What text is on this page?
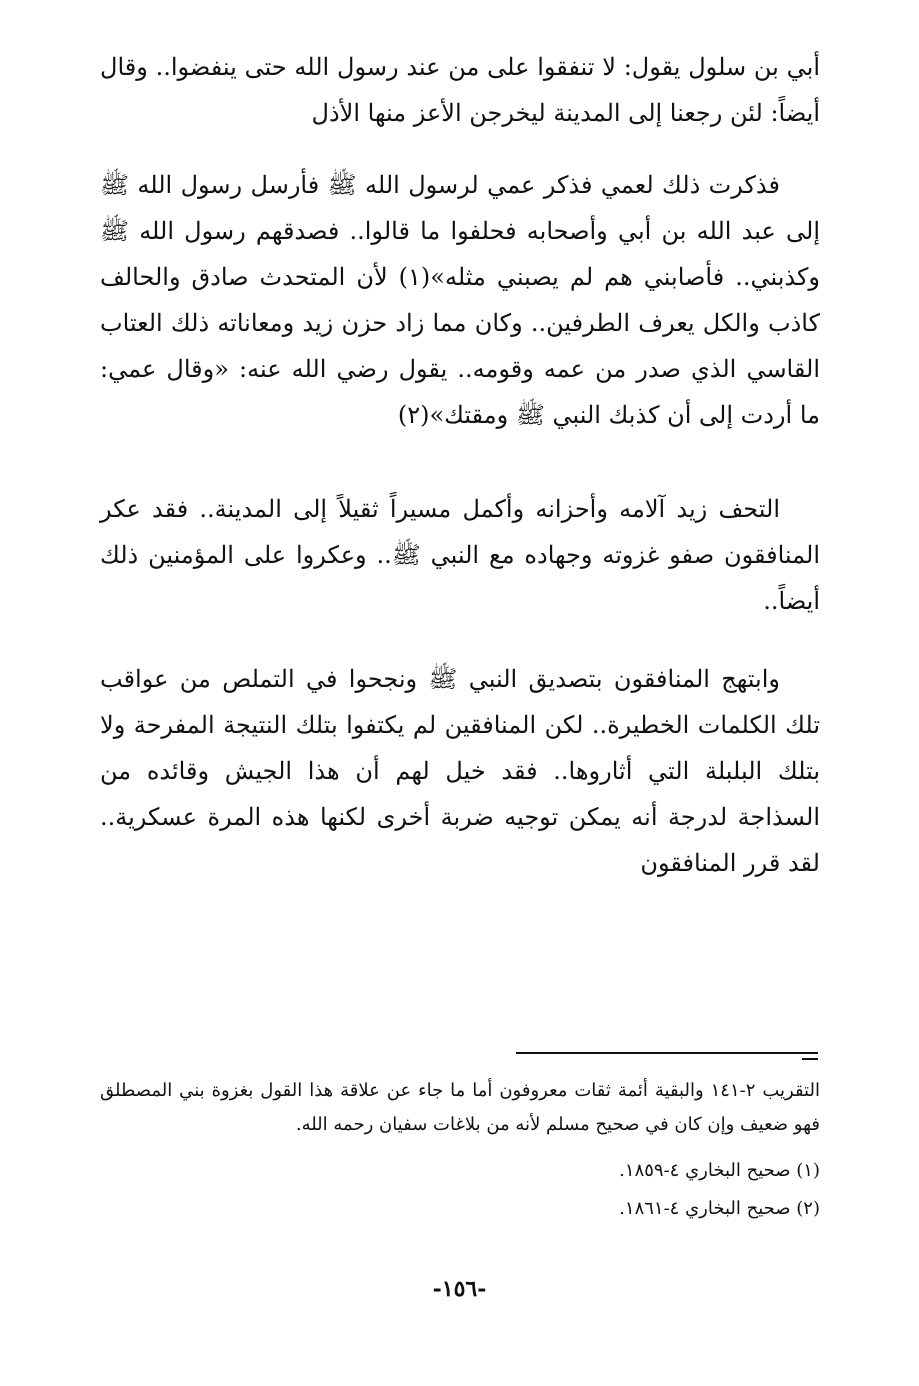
أبي بن سلول يقول: لا تنفقوا على من عند رسول الله حتى ينفضوا.. وقال أيضاً: لئن رجعنا إلى المدينة ليخرجن الأعز منها الأذل

فذكرت ذلك لعمي فذكر عمي لرسول الله ﷺ فأرسل رسول الله ﷺ إلى عبد الله بن أبي وأصحابه فحلفوا ما قالوا.. فصدقهم رسول الله ﷺ وكذبني.. فأصابني هم لم يصبني مثله»(١) لأن المتحدث صادق والحالف كاذب والكل يعرف الطرفين.. وكان مما زاد حزن زيد ومعاناته ذلك العتاب القاسي الذي صدر من عمه وقومه.. يقول رضي الله عنه: «وقال عمي: ما أردت إلى أن كذبك النبي ﷺ ومقتك»(٢)

التحف زيد آلامه وأحزانه وأكمل مسيراً ثقيلاً إلى المدينة.. فقد عكر المنافقون صفو غزوته وجهاده مع النبي ﷺ.. وعكروا على المؤمنين ذلك أيضاً..

وابتهج المنافقون بتصديق النبي ﷺ ونجحوا في التملص من عواقب تلك الكلمات الخطيرة.. لكن المنافقين لم يكتفوا بتلك النتيجة المفرحة ولا بتلك البلبلة التي أثاروها.. فقد خيل لهم أن هذا الجيش وقائده من السذاجة لدرجة أنه يمكن توجيه ضربة أخرى لكنها هذه المرة عسكرية.. لقد قرر المنافقون

التقريب ٢-١٤١ والبقية أئمة ثقات معروفون أما ما جاء عن علاقة هذا القول بغزوة بني المصطلق فهو ضعيف وإن كان في صحيح مسلم لأنه من بلاغات سفيان رحمه الله.

(١) صحيح البخاري ٤-١٨٥٩.

(٢) صحيح البخاري ٤-١٨٦١.

-١٥٦-
